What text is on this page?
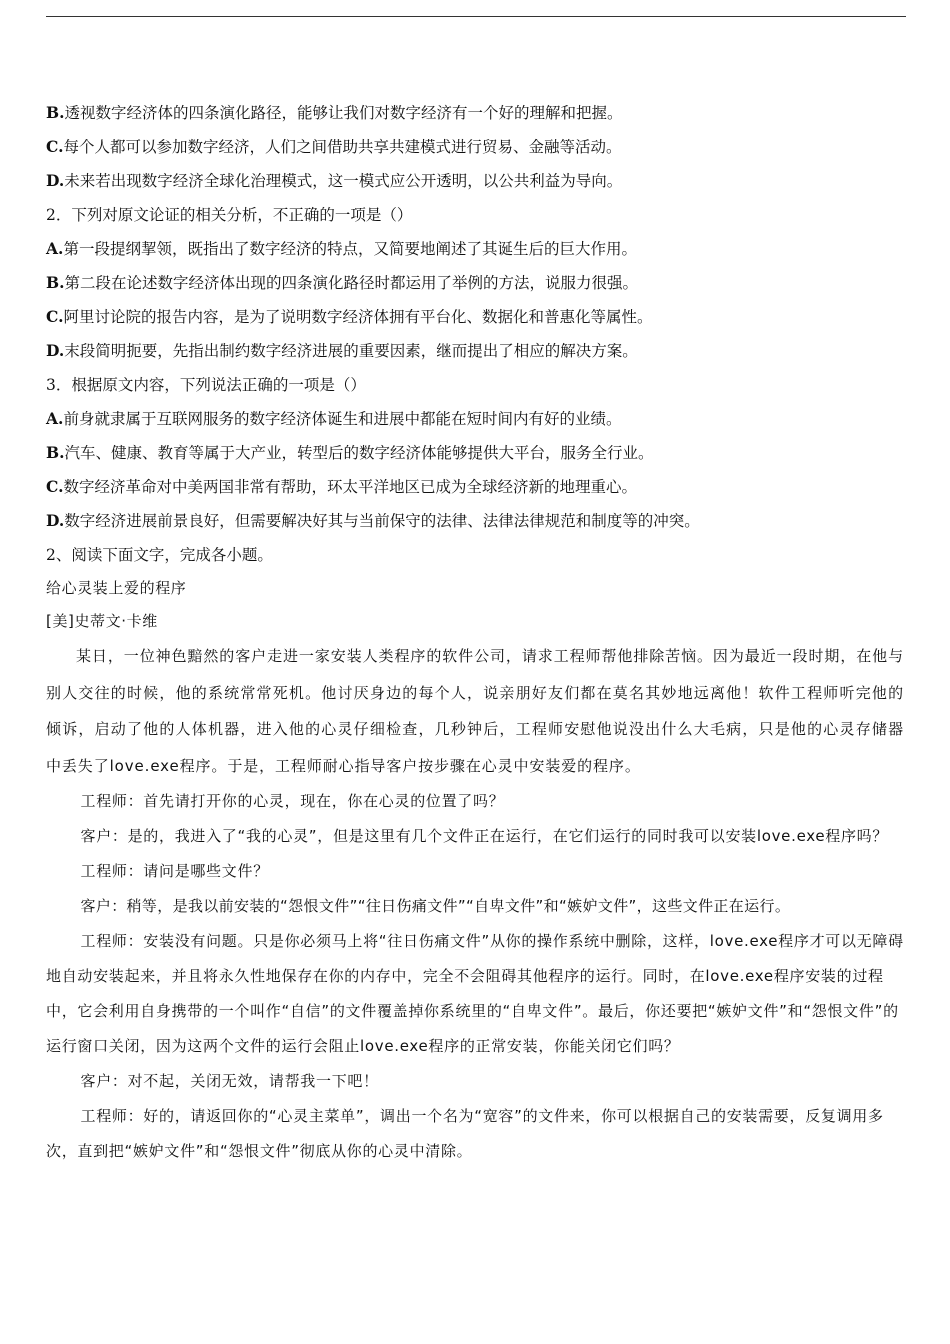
B.透视数字经济体的四条演化路径，能够让我们对数字经济有一个好的理解和把握。
C.每个人都可以参加数字经济，人们之间借助共享共建模式进行贸易、金融等活动。
D.未来若出现数字经济全球化治理模式，这一模式应公开透明，以公共利益为导向。
2．下列对原文论证的相关分析，不正确的一项是（）
A.第一段提纲挈领，既指出了数字经济的特点，又简要地阐述了其诞生后的巨大作用。
B.第二段在论述数字经济体出现的四条演化路径时都运用了举例的方法，说服力很强。
C.阿里讨论院的报告内容，是为了说明数字经济体拥有平台化、数据化和普惠化等属性。
D.末段简明扼要，先指出制约数字经济进展的重要因素，继而提出了相应的解决方案。
3．根据原文内容，下列说法正确的一项是（）
A.前身就隶属于互联网服务的数字经济体诞生和进展中都能在短时间内有好的业绩。
B.汽车、健康、教育等属于大产业，转型后的数字经济体能够提供大平台，服务全行业。
C.数字经济革命对中美两国非常有帮助，环太平洋地区已成为全球经济新的地理重心。
D.数字经济进展前景良好，但需要解决好其与当前保守的法律、法律法律规范和制度等的冲突。
2、阅读下面文字，完成各小题。
给心灵装上爱的程序
[美]史蒂文·卡维
某日，一位神色黯然的客户走进一家安装人类程序的软件公司，请求工程师帮他排除苦恼。因为最近一段时期，在他与别人交往的时候，他的系统常常死机。他讨厌身边的每个人，说亲朋好友们都在莫名其妙地远离他！软件工程师听完他的倾诉，启动了他的人体机器，进入他的心灵仔细检查，几秒钟后，工程师安慰他说没出什么大毛病，只是他的心灵存储器中丢失了love.exe程序。于是，工程师耐心指导客户按步骤在心灵中安装爱的程序。
工程师：首先请打开你的心灵，现在，你在心灵的位置了吗？
客户：是的，我进入了“我的心灵”，但是这里有几个文件正在运行，在它们运行的同时我可以安装love.exe程序吗？
工程师：请问是哪些文件？
客户：稍等，是我以前安装的“怨恨文件”“往日伤痛文件”“自卑文件”和“嫉妒文件”，这些文件正在运行。
工程师：安装没有问题。只是你必须马上将“往日伤痛文件”从你的操作系统中删除，这样，love.exe程序才可以无障碍地自动安装起来，并且将永久性地保存在你的内存中，完全不会阻碍其他程序的运行。同时，在love.exe程序安装的过程中，它会利用自身携带的一个叫作“自信”的文件覆盖掉你系统里的“自卑文件”。最后，你还要把“嫉妒文件”和“怨恨文件”的运行窗口关闭，因为这两个文件的运行会阻止love.exe程序的正常安装，你能关闭它们吗？
客户：对不起，关闭无效，请帮我一下吧！
工程师：好的，请返回你的“心灵主菜单”，调出一个名为“宽容”的文件来，你可以根据自己的安装需要，反复调用多次，直到把“嫉妒文件”和“怨恨文件”彻底从你的心灵中清除。
